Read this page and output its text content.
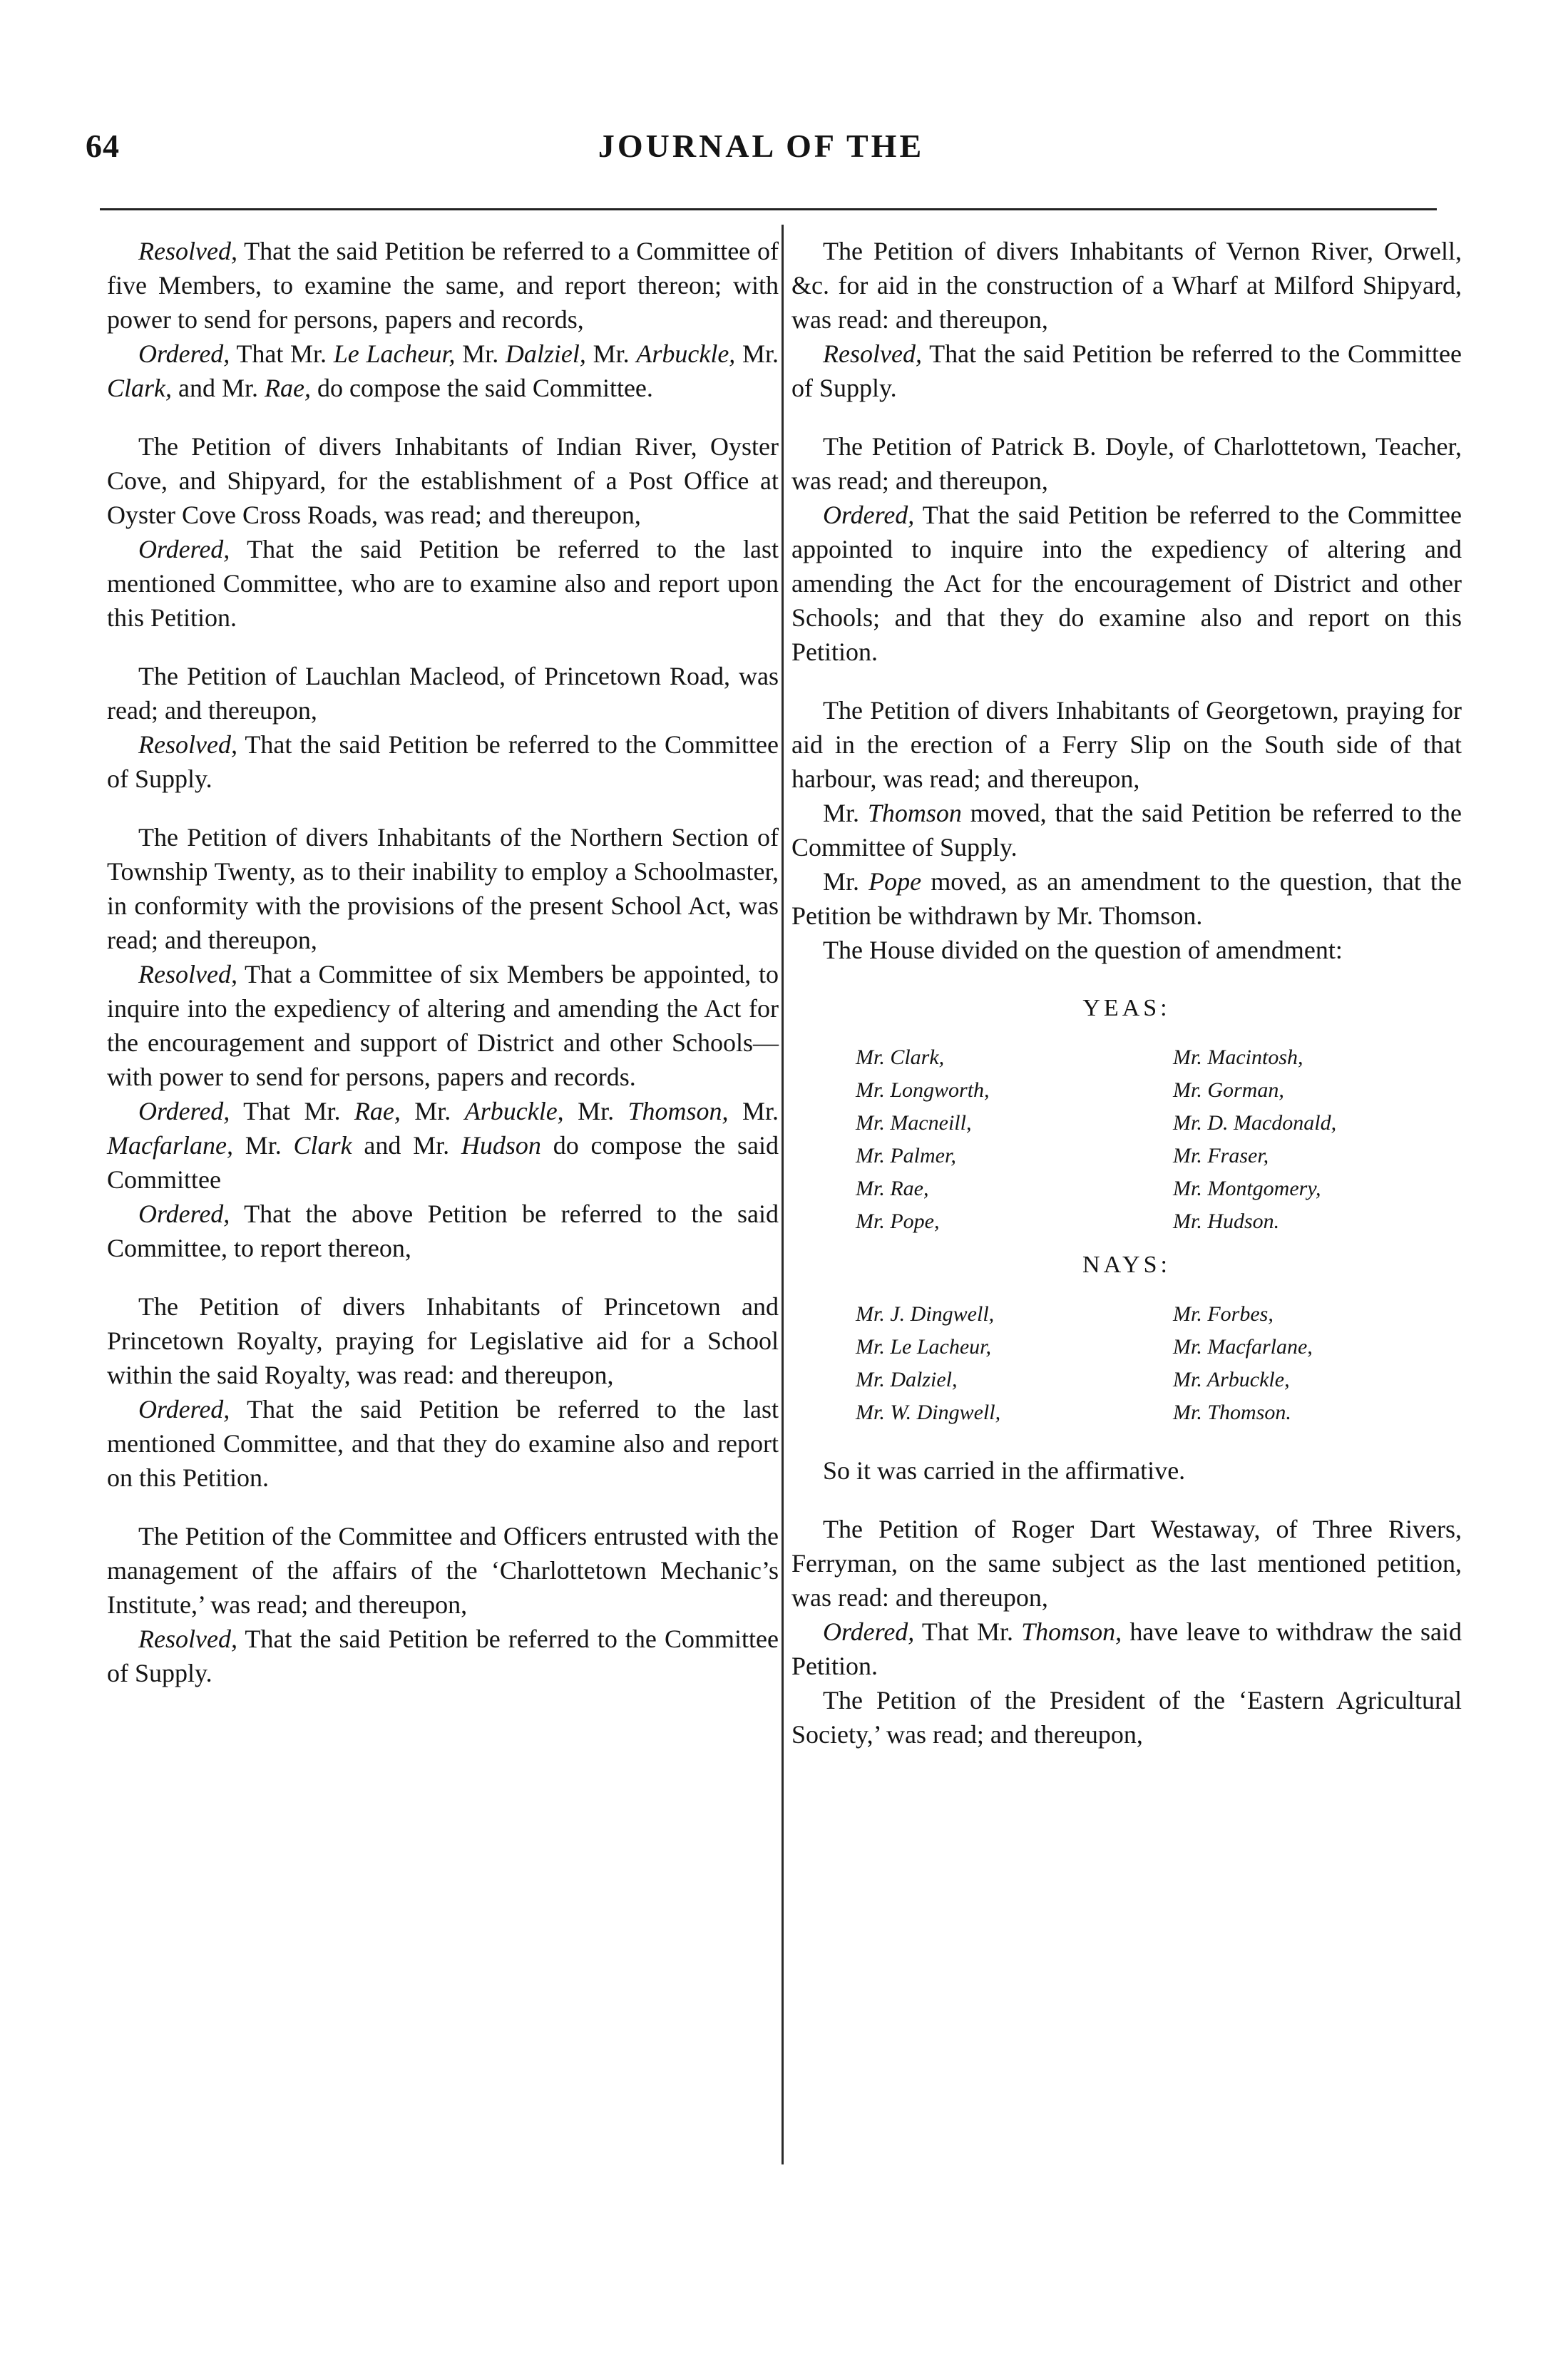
64	JOURNAL OF THE

Resolved, That the said Petition be referred to a Committee of five Members, to examine the same, and report thereon; with power to send for persons, papers and records,

Ordered, That Mr. Le Lacheur, Mr. Dalziel, Mr. Arbuckle, Mr. Clark, and Mr. Rae, do compose the said Committee.

The Petition of divers Inhabitants of Indian River, Oyster Cove, and Shipyard, for the establishment of a Post Office at Oyster Cove Cross Roads, was read; and thereupon,

Ordered, That the said Petition be referred to the last mentioned Committee, who are to examine also and report upon this Petition.

The Petition of Lauchlan Macleod, of Princetown Road, was read; and thereupon,

Resolved, That the said Petition be referred to the Committee of Supply.

The Petition of divers Inhabitants of the Northern Section of Township Twenty, as to their inability to employ a Schoolmaster, in conformity with the provisions of the present School Act, was read; and thereupon,

Resolved, That a Committee of six Members be appointed, to inquire into the expediency of altering and amending the Act for the encouragement and support of District and other Schools—with power to send for persons, papers and records.

Ordered, That Mr. Rae, Mr. Arbuckle, Mr. Thomson, Mr. Macfarlane, Mr. Clark and Mr. Hudson do compose the said Committee

Ordered, That the above Petition be referred to the said Committee, to report thereon,

The Petition of divers Inhabitants of Princetown and Princetown Royalty, praying for Legislative aid for a School within the said Royalty, was read: and thereupon,

Ordered, That the said Petition be referred to the last mentioned Committee, and that they do examine also and report on this Petition.

The Petition of the Committee and Officers entrusted with the management of the affairs of the ‘Charlottetown Mechanic’s Institute,’ was read; and thereupon,

Resolved, That the said Petition be referred to the Committee of Supply.

The Petition of divers Inhabitants of Vernon River, Orwell, &c. for aid in the construction of a Wharf at Milford Shipyard, was read: and thereupon,

Resolved, That the said Petition be referred to the Committee of Supply.

The Petition of Patrick B. Doyle, of Charlottetown, Teacher, was read; and thereupon,

Ordered, That the said Petition be referred to the Committee appointed to inquire into the expediency of altering and amending the Act for the encouragement of District and other Schools; and that they do examine also and report on this Petition.

The Petition of divers Inhabitants of Georgetown, praying for aid in the erection of a Ferry Slip on the South side of that harbour, was read; and thereupon,

Mr. Thomson moved, that the said Petition be referred to the Committee of Supply.

Mr. Pope moved, as an amendment to the question, that the Petition be withdrawn by Mr. Thomson.

The House divided on the question of amendment:

YEAS:
Mr. Clark,	Mr. Macintosh,
Mr. Longworth,	Mr. Gorman,
Mr. Macneill,	Mr. D. Macdonald,
Mr. Palmer,	Mr. Fraser,
Mr. Rae,	Mr. Montgomery,
Mr. Pope,	Mr. Hudson.
NAYS:
Mr. J. Dingwell,	Mr. Forbes,
Mr. Le Lacheur,	Mr. Macfarlane,
Mr. Dalziel,	Mr. Arbuckle,
Mr. W. Dingwell,	Mr. Thomson.

So it was carried in the affirmative.

The Petition of Roger Dart Westaway, of Three Rivers, Ferryman, on the same subject as the last mentioned petition, was read: and thereupon,

Ordered, That Mr. Thomson, have leave to withdraw the said Petition.

The Petition of the President of the ‘Eastern Agricultural Society,’ was read; and thereupon,
